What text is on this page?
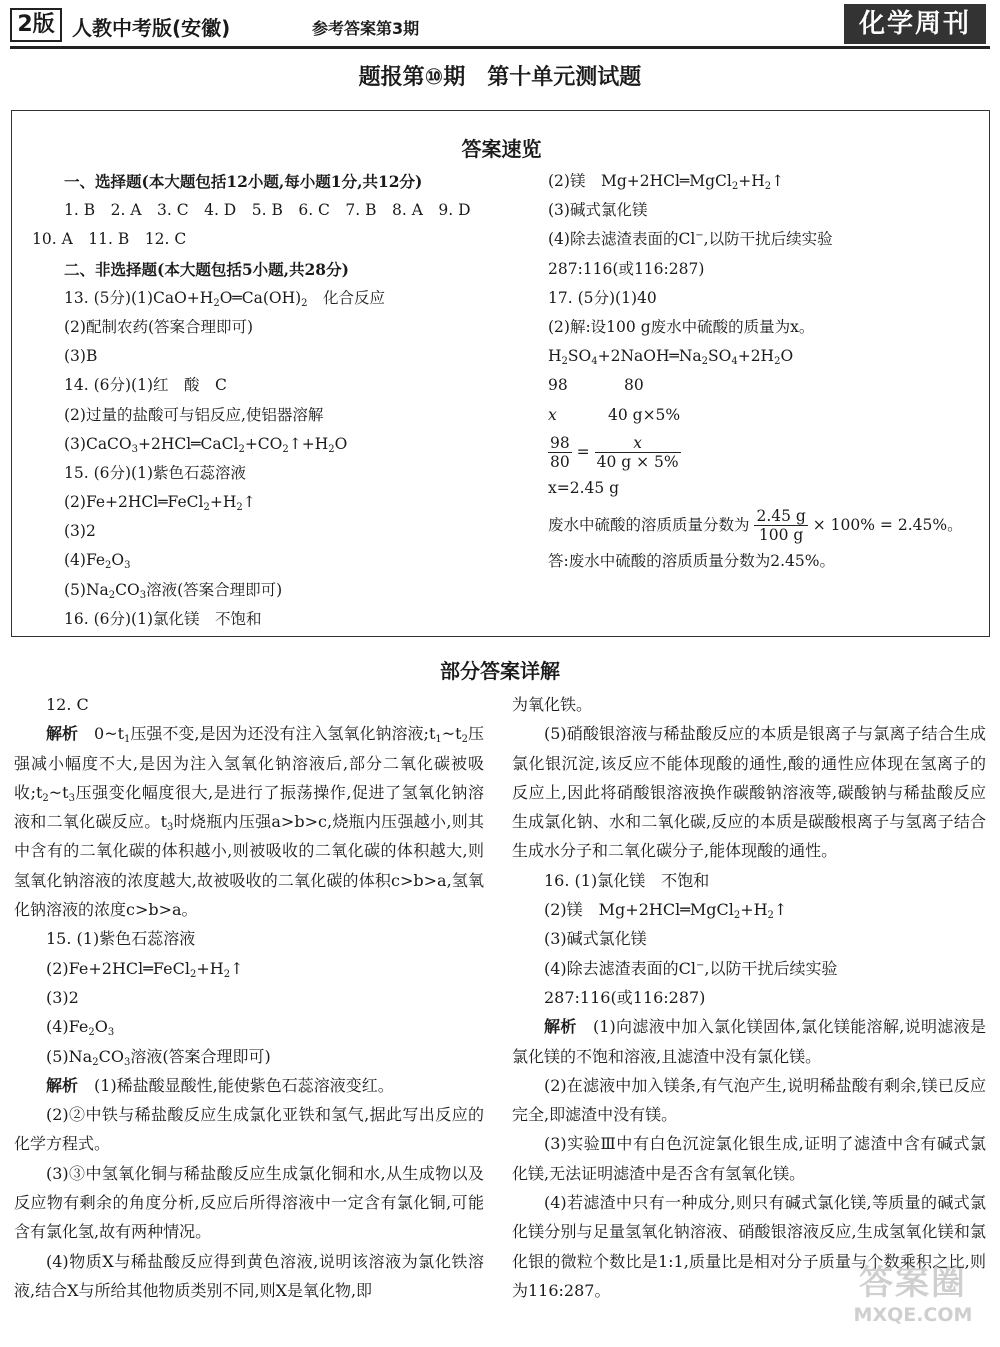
2版 人教中考版(安徽)	参考答案第3期	化学周刊
题报第⑩期　第十单元测试题
答案速览
一、选择题(本大题包括12小题,每小题1分,共12分)
1. B　2. A　3. C　4. D　5. B　6. C　7. B　8. A　9. D
10. A　11. B　12. C
二、非选择题(本大题包括5小题,共28分)
13. (5分)$(1)CaO+H_2O═Ca(OH)_2$　化合反应
(2)配制农药(答案合理即可)
(3)B
14. (6分)(1)红　酸　C
(2)过量的盐酸可与铝反应,使铝器溶解
$(3)CaCO_3+2HCl═CaCl_2+CO_2↑+H_2O$
15. (6分)(1)紫色石蕊溶液
$(2)Fe+2HCl═FeCl_2+H_2↑$
(3)2
$(4)Fe_2O_3$
$(5)Na_2CO_3$溶液(答案合理即可)
16. (6分)(1)氯化镁　不饱和
(2)镁　$Mg+2HCl═MgCl_2+H_2↑$
(3)碱式氯化镁
(4)除去滤渣表面的Cl−,以防干扰后续实验
287:116(或116:287)
17. (5分)(1)40
(2)解:设100 g废水中硫酸的质量为x。
$H_2SO_4+2NaOH═Na_2SO_4+2H_2O$
98	80
x	40 g×5%
$\frac{98}{80} = \frac{x}{40 g \times 5\%}$
x=2.45 g
废水中硫酸的溶质质量分数为 $\frac{2.45 g}{100 g} \times 100\% = 2.45\%$。
答:废水中硫酸的溶质质量分数为2.45%。
部分答案详解
12. C
解析　$0\sim t_1$压强不变,是因为还没有注入氢氧化钠溶液$;t_1\sim t_2$压强减小幅度不大,是因为注入氢氧化钠溶液后,部分二氧化碳被吸收$;t_2\sim t_3$压强变化幅度很大,是进行了振荡操作,促进了氢氧化钠溶液和二氧化碳反应。$t_3$时烧瓶内压强a>b>c,烧瓶内压强越小,则其中含有的二氧化碳的体积越小,则被吸收的二氧化碳的体积越大,则氢氧化钠溶液的浓度越大,故被吸收的二氧化碳的体积c>b>a,氢氧化钠溶液的浓度c>b>a。
15. (1)紫色石蕊溶液
$(2)Fe+2HCl═FeCl_2+H_2↑$
(3)2
$(4)Fe_2O_3$
$(5)Na_2CO_3$溶液(答案合理即可)
解析　(1)稀盐酸显酸性,能使紫色石蕊溶液变红。
(2)②中铁与稀盐酸反应生成氯化亚铁和氢气,据此写出反应的化学方程式。
(3)③中氢氧化铜与稀盐酸反应生成氯化铜和水,从生成物以及反应物有剩余的角度分析,反应后所得溶液中一定含有氯化铜,可能含有氯化氢,故有两种情况。
(4)物质X与稀盐酸反应得到黄色溶液,说明该溶液为氯化铁溶液,结合X与所给其他物质类别不同,则X是氧化物,即
为氧化铁。
(5)硝酸银溶液与稀盐酸反应的本质是银离子与氯离子结合生成氯化银沉淀,该反应不能体现酸的通性,酸的通性应体现在氢离子的反应上,因此将硝酸银溶液换作碳酸钠溶液等,碳酸钠与稀盐酸反应生成氯化钠、水和二氧化碳,反应的本质是碳酸根离子与氢离子结合生成水分子和二氧化碳分子,能体现酸的通性。
16. (1)氯化镁　不饱和
(2)镁　$Mg+2HCl═MgCl_2+H_2↑$
(3)碱式氯化镁
(4)除去滤渣表面的Cl−,以防干扰后续实验
287:116(或116:287)
解析　(1)向滤液中加入氯化镁固体,氯化镁能溶解,说明滤液是氯化镁的不饱和溶液,且滤渣中没有氯化镁。
(2)在滤液中加入镁条,有气泡产生,说明稀盐酸有剩余,镁已反应完全,即滤渣中没有镁。
(3)实验Ⅲ中有白色沉淀氯化银生成,证明了滤渣中含有碱式氯化镁,无法证明滤渣中是否含有氢氧化镁。
(4)若滤渣中只有一种成分,则只有碱式氯化镁,等质量的碱式氯化镁分别与足量氢氧化钠溶液、硝酸银溶液反应,生成氢氧化镁和氯化银的微粒个数比是1:1,质量比是相对分子质量与个数乘积之比,则为116:287。	答案圈
MXQE.COM
